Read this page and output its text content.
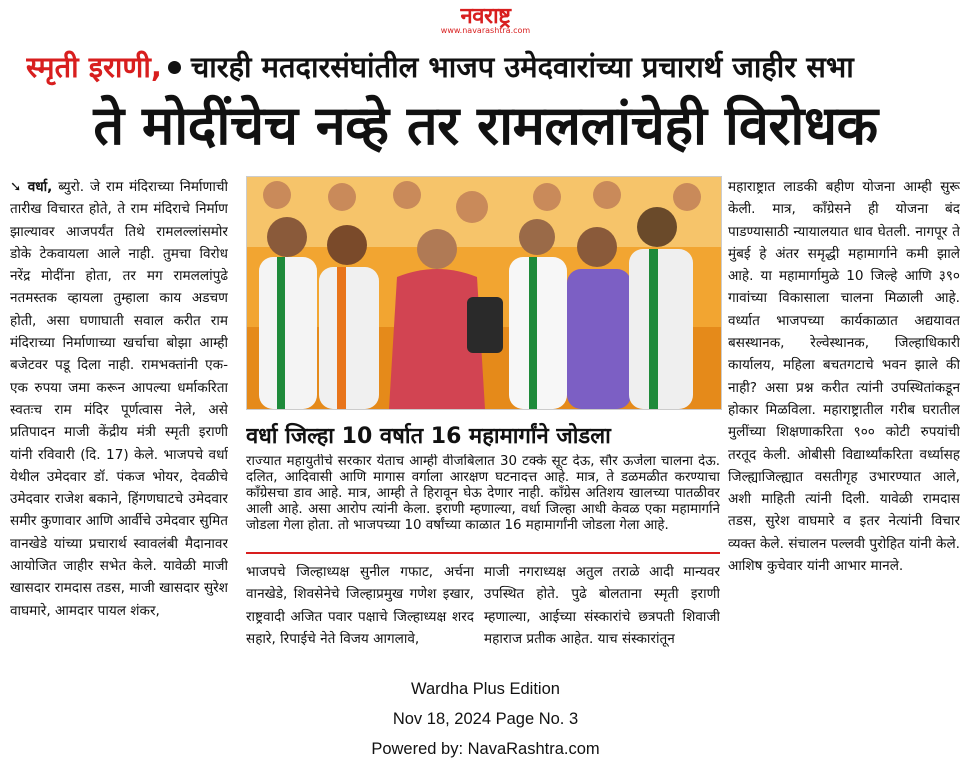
नवराष्ट्र
www.navarashtra.com
स्मृती इराणी, चारही मतदारसंघांतील भाजप उमेदवारांच्या प्रचारार्थ जाहीर सभा
ते मोदींचेच नव्हे तर रामललांचेही विरोधक
➘ वर्धा, ब्युरो. जे राम मंदिराच्या निर्माणाची तारीख विचारत होते, ते राम मंदिराचे निर्माण झाल्यावर आजपर्यंत तिथे रामलल्लांसमोर डोके टेकवायला आले नाही. तुमचा विरोध नरेंद्र मोदींना होता, तर मग रामललांपुढे नतमस्तक व्हायला तुम्हाला काय अडचण होती, असा घणाघाती सवाल करीत राम मंदिराच्या निर्माणाच्या खर्चाचा बोझा आम्ही बजेटवर पडू दिला नाही. रामभक्तांनी एक-एक रुपया जमा करून आपल्या धर्माकरिता स्वतःच राम मंदिर पूर्णत्वास नेले, असे प्रतिपादन माजी केंद्रीय मंत्री स्मृती इराणी यांनी रविवारी (दि. 17) केले. भाजपचे वर्धा येथील उमेदवार डॉ. पंकज भोयर, देवळीचे उमेदवार राजेश बकाने, हिंगणघाटचे उमेदवार समीर कुणावार आणि आर्वीचे उमेदवार सुमित वानखेडे यांच्या प्रचारार्थ स्वावलंबी मैदानावर आयोजित जाहीर सभेत केले. यावेळी माजी खासदार रामदास तडस, माजी खासदार सुरेश वाघमारे, आमदार पायल शंकर,
वर्धा जिल्हा 10 वर्षात 16 महामार्गांने जोडला
राज्यात महायुतीचे सरकार येताच आम्ही वीजबिलात 30 टक्के सूट देऊ, सौर ऊर्जेला चालना देऊ. दलित, आदिवासी आणि मागास वर्गाला आरक्षण घटनादत्त आहे. मात्र, ते डळमळीत करण्याचा काँग्रेसचा डाव आहे. मात्र, आम्ही ते हिरावून घेऊ देणार नाही. काँग्रेस अतिशय खालच्या पातळीवर आली आहे. असा आरोप त्यांनी केला. इराणी म्हणाल्या, वर्धा जिल्हा आधी केवळ एका महामार्गाने जोडला गेला होता. तो भाजपच्या 10 वर्षांच्या काळात 16 महामार्गांनी जोडला गेला आहे.
भाजपचे जिल्हाध्यक्ष सुनील गफाट, अर्चना वानखेडे, शिवसेनेचे जिल्हाप्रमुख गणेश इखार, राष्ट्रवादी अजित पवार पक्षाचे जिल्हाध्यक्ष शरद सहारे, रिपाईचे नेते विजय आगलावे,
माजी नगराध्यक्ष अतुल तराळे आदी मान्यवर उपस्थित होते. पुढे बोलताना स्मृती इराणी म्हणाल्या, आईच्या संस्कारांचे छत्रपती शिवाजी महाराज प्रतीक आहेत. याच संस्कारांतून
महाराष्ट्रात लाडकी बहीण योजना आम्ही सुरू केली. मात्र, काँग्रेसने ही योजना बंद पाडण्यासाठी न्यायालयात धाव घेतली. नागपूर ते मुंबई हे अंतर समृद्धी महामार्गाने कमी झाले आहे. या महामार्गामुळे 10 जिल्हे आणि ३९० गावांच्या विकासाला चालना मिळाली आहे. वर्ध्यात भाजपच्या कार्यकाळात अद्ययावत बसस्थानक, रेल्वेस्थानक, जिल्हाधिकारी कार्यालय, महिला बचतगटाचे भवन झाले की नाही? असा प्रश्न करीत त्यांनी उपस्थितांकडून होकार मिळविला. महाराष्ट्रातील गरीब घरातील मुलींच्या शिक्षणाकरिता ९०० कोटी रुपयांची तरतूद केली. ओबीसी विद्यार्थ्यांकरिता वर्ध्यासह जिल्ह्याजिल्ह्यात वसतीगृह उभारण्यात आले, अशी माहिती त्यांनी दिली. यावेळी रामदास तडस, सुरेश वाघमारे व इतर नेत्यांनी विचार व्यक्त केले. संचालन पल्लवी पुरोहित यांनी केले. आशिष कुचेवार यांनी आभार मानले.
Wardha Plus Edition
Nov 18, 2024 Page No. 3
Powered by: NavaRashtra.com
